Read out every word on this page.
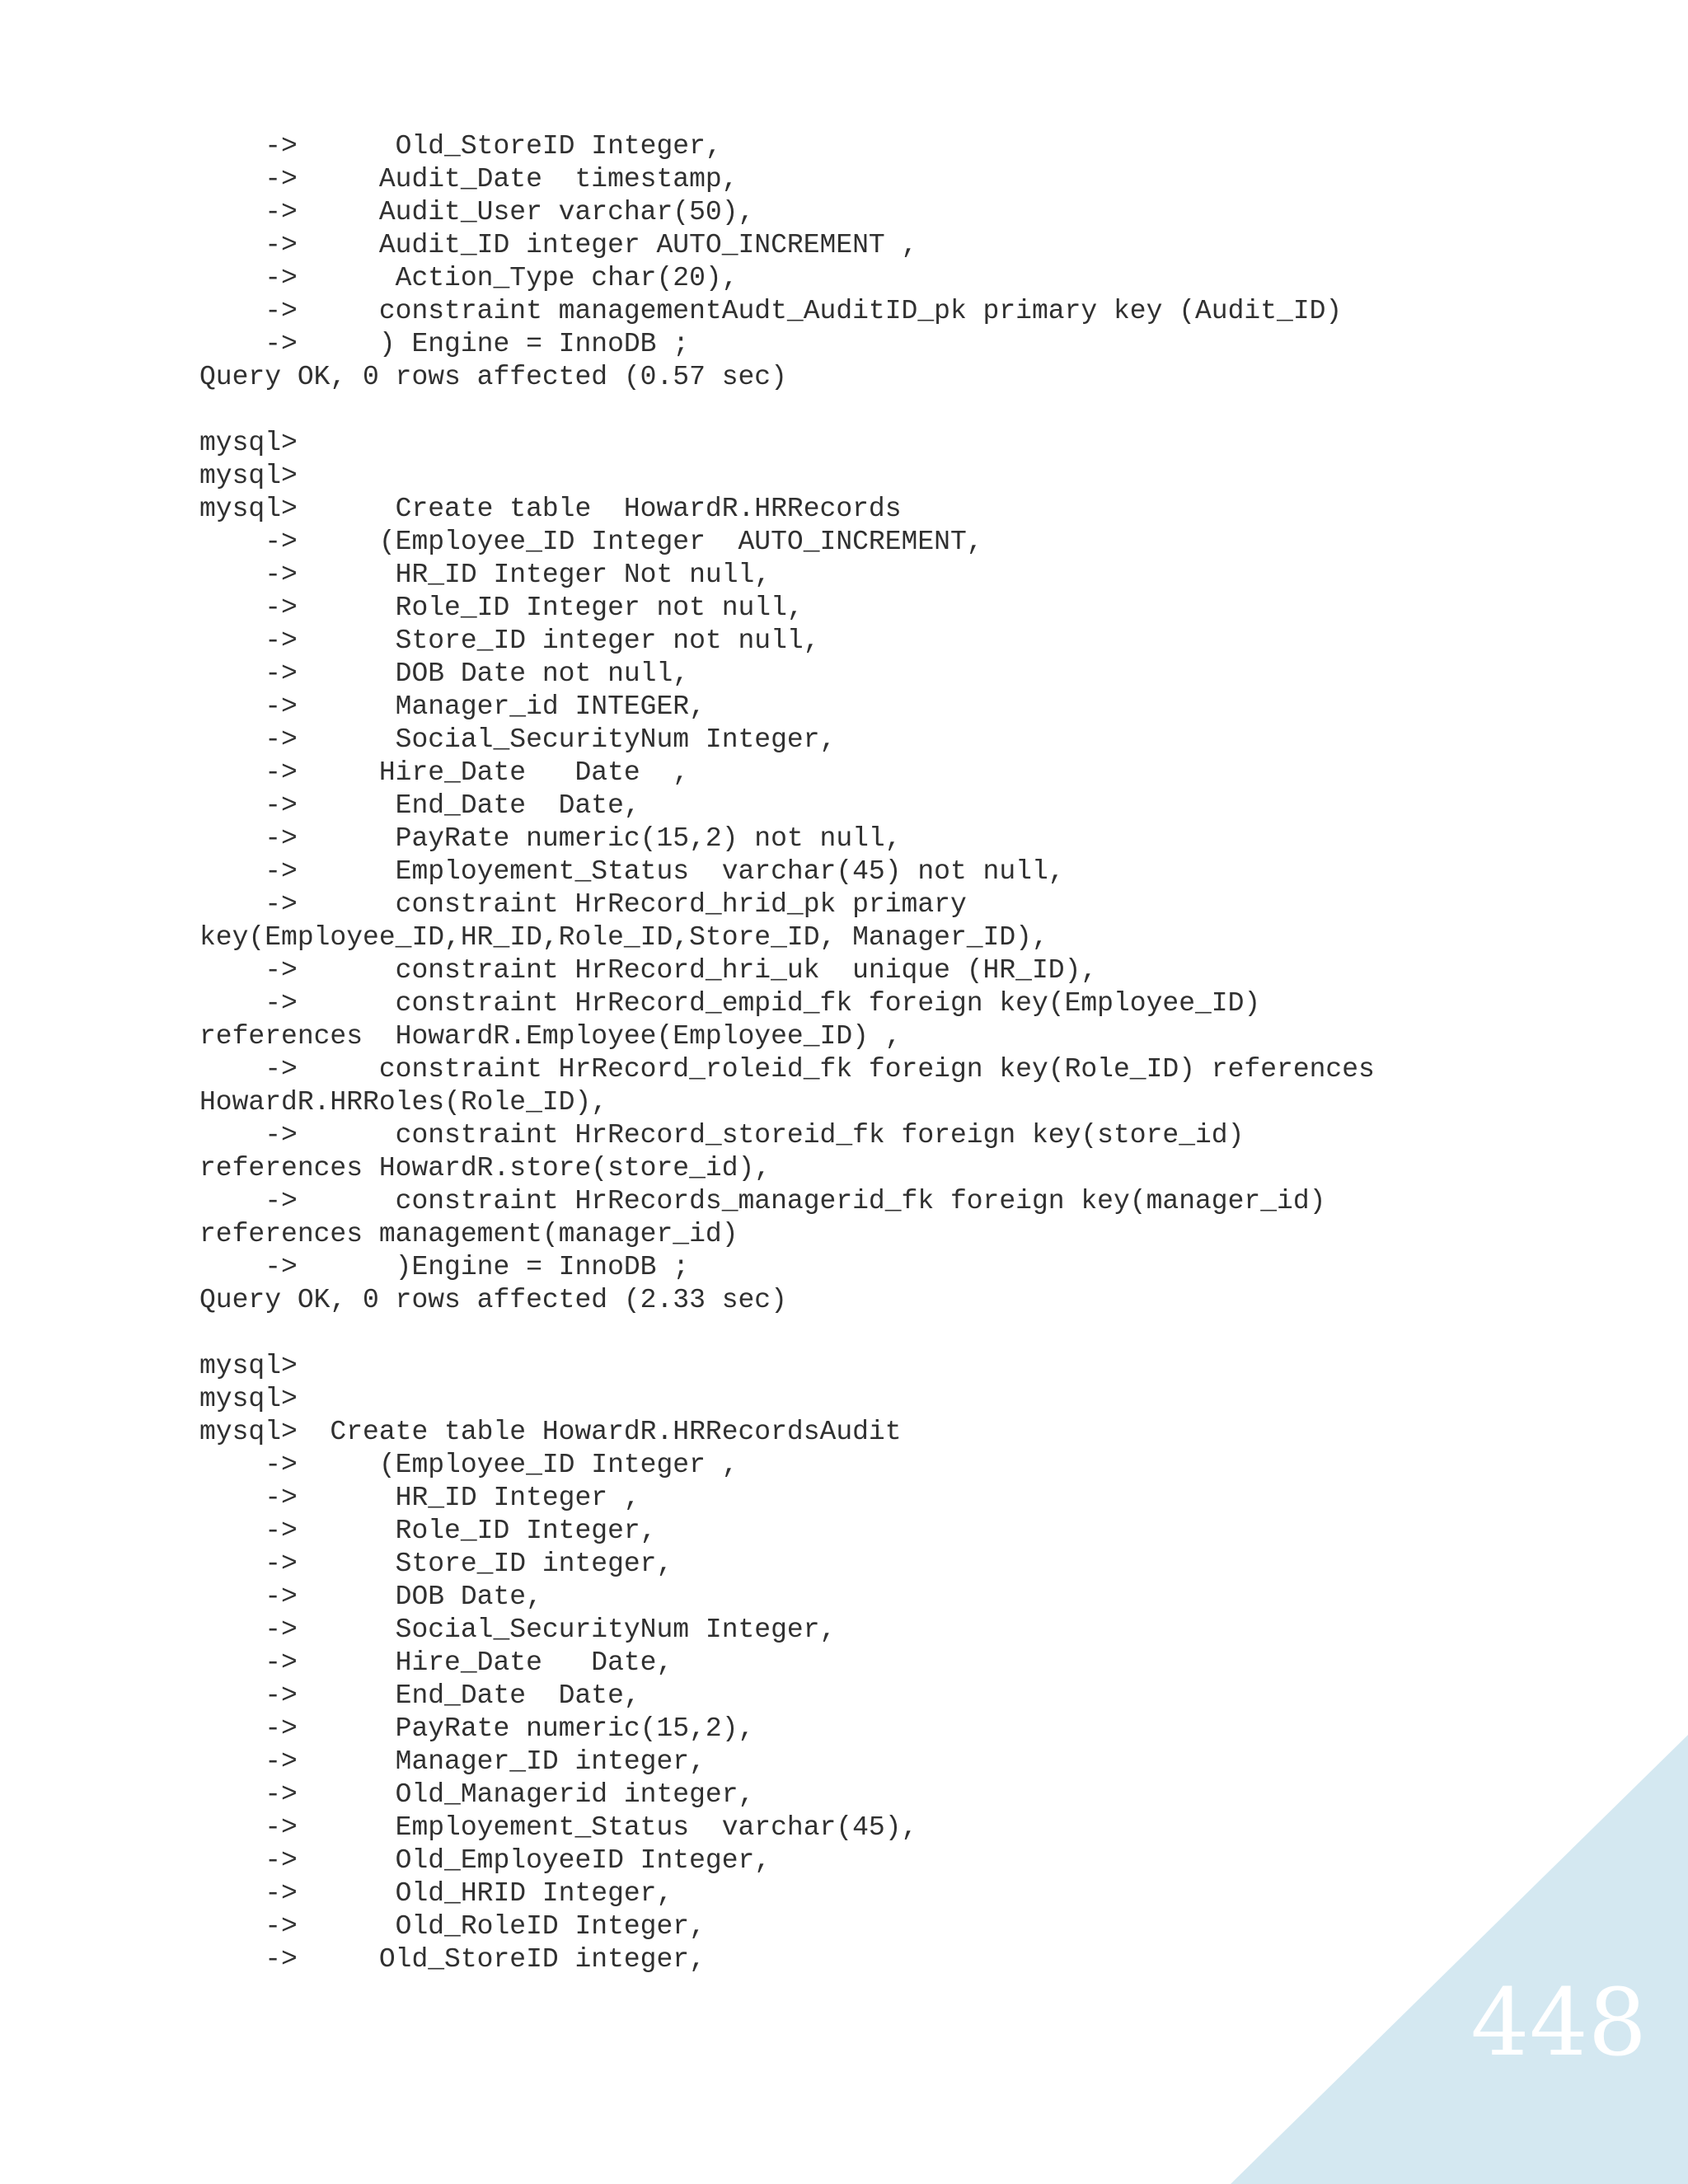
->      Old_StoreID Integer,
->     Audit_Date  timestamp,
->     Audit_User varchar(50),
->     Audit_ID integer AUTO_INCREMENT ,
->      Action_Type char(20),
->     constraint managementAudt_AuditID_pk primary key (Audit_ID)
->     ) Engine = InnoDB ;
Query OK, 0 rows affected (0.57 sec)
mysql>
mysql>
mysql>      Create table  HowardR.HRRecords
->     (Employee_ID Integer  AUTO_INCREMENT,
->      HR_ID Integer Not null,
->      Role_ID Integer not null,
->      Store_ID integer not null,
->      DOB Date not null,
->      Manager_id INTEGER,
->      Social_SecurityNum Integer,
->     Hire_Date   Date  ,
->      End_Date  Date,
->      PayRate numeric(15,2) not null,
->      Employement_Status  varchar(45) not null,
->      constraint HrRecord_hrid_pk primary
key(Employee_ID,HR_ID,Role_ID,Store_ID, Manager_ID),
->      constraint HrRecord_hri_uk  unique (HR_ID),
->      constraint HrRecord_empid_fk foreign key(Employee_ID)
references  HowardR.Employee(Employee_ID) ,
->     constraint HrRecord_roleid_fk foreign key(Role_ID) references
HowardR.HRRoles(Role_ID),
->      constraint HrRecord_storeid_fk foreign key(store_id)
references HowardR.store(store_id),
->      constraint HrRecords_managerid_fk foreign key(manager_id)
references management(manager_id)
->      )Engine = InnoDB ;
Query OK, 0 rows affected (2.33 sec)
mysql>
mysql>
mysql>  Create table HowardR.HRRecordsAudit
->     (Employee_ID Integer ,
->      HR_ID Integer ,
->      Role_ID Integer,
->      Store_ID integer,
->      DOB Date,
->      Social_SecurityNum Integer,
->      Hire_Date   Date,
->      End_Date  Date,
->      PayRate numeric(15,2),
->      Manager_ID integer,
->      Old_Managerid integer,
->      Employement_Status  varchar(45),
->      Old_EmployeeID Integer,
->      Old_HRID Integer,
->      Old_RoleID Integer,
->     Old_StoreID integer,
448
